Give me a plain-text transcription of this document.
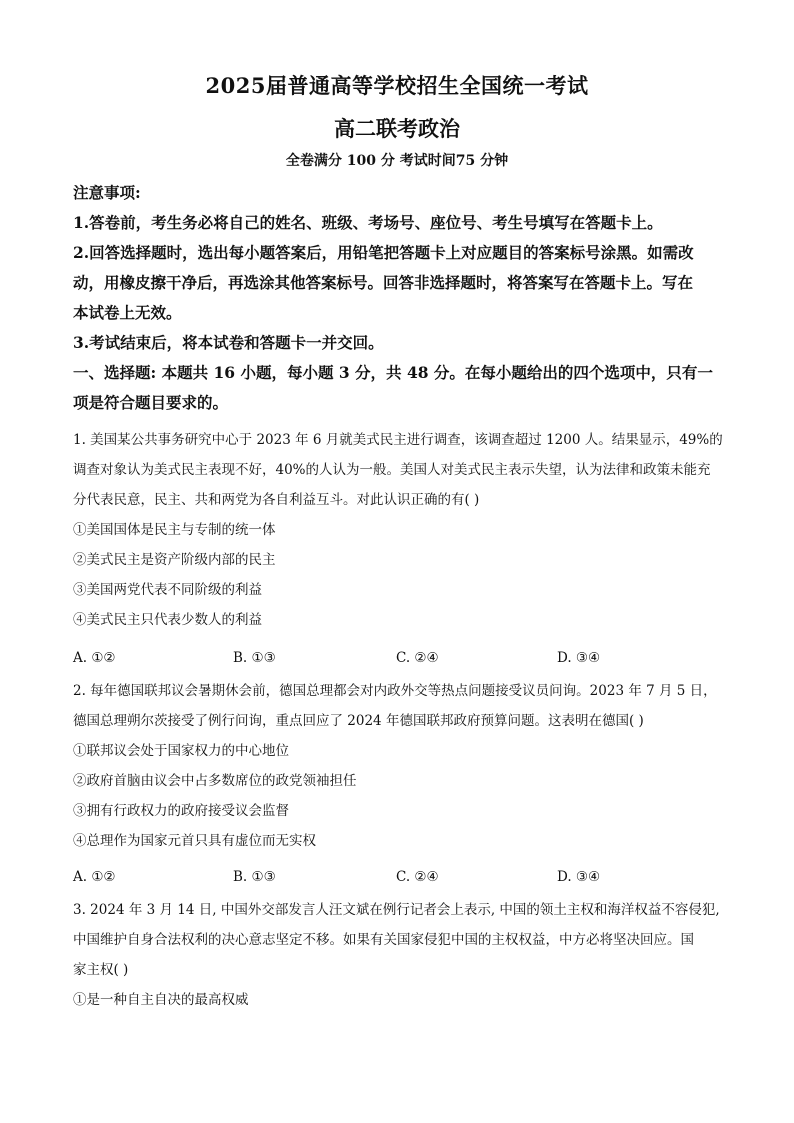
2025届普通高等学校招生全国统一考试
高二联考政治
全卷满分 100 分 考试时间75 分钟
注意事项:
1.答卷前，考生务必将自己的姓名、班级、考场号、座位号、考生号填写在答题卡上。
2.回答选择题时，选出每小题答案后，用铅笔把答题卡上对应题目的答案标号涂黑。如需改
动，用橡皮擦干净后，再选涂其他答案标号。回答非选择题时，将答案写在答题卡上。写在
本试卷上无效。
3.考试结束后，将本试卷和答题卡一并交回。
一、选择题: 本题共 16 小题，每小题 3 分，共 48 分。在每小题给出的四个选项中，只有一
项是符合题目要求的。
1. 美国某公共事务研究中心于 2023 年 6 月就美式民主进行调查，该调查超过 1200 人。结果显示，49%的
调查对象认为美式民主表现不好，40%的人认为一般。美国人对美式民主表示失望，认为法律和政策未能充
分代表民意，民主、共和两党为各自利益互斗。对此认识正确的有( )
①美国国体是民主与专制的统一体
②美式民主是资产阶级内部的民主
③美国两党代表不同阶级的利益
④美式民主只代表少数人的利益
A. ①②	B. ①③	C. ②④	D. ③④
2. 每年德国联邦议会暑期休会前，德国总理都会对内政外交等热点问题接受议员问询。2023 年 7 月 5 日，
德国总理朔尔茨接受了例行问询，重点回应了 2024 年德国联邦政府预算问题。这表明在德国( )
①联邦议会处于国家权力的中心地位
②政府首脑由议会中占多数席位的政党领袖担任
③拥有行政权力的政府接受议会监督
④总理作为国家元首只具有虚位而无实权
A. ①②	B. ①③	C. ②④	D. ③④
3. 2024 年 3 月 14 日, 中国外交部发言人汪文斌在例行记者会上表示, 中国的领土主权和海洋权益不容侵犯,
中国维护自身合法权利的决心意志坚定不移。如果有关国家侵犯中国的主权权益，中方必将坚决回应。国
家主权( )
①是一种自主自决的最高权威
